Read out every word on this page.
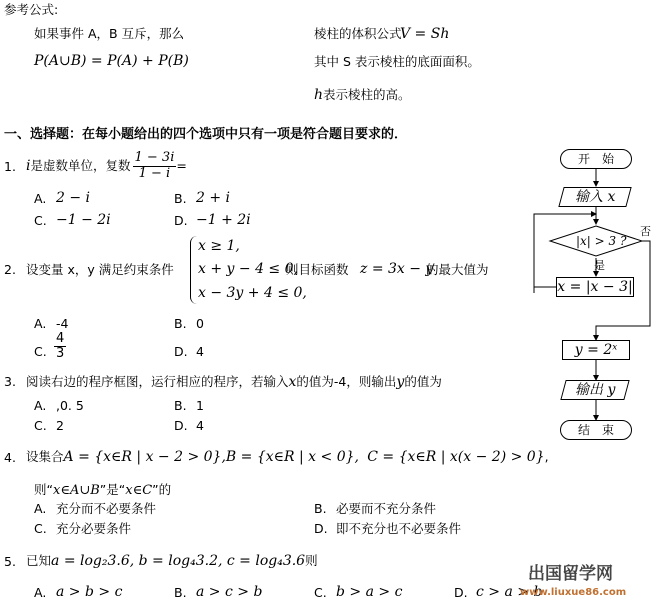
参考公式:
如果事件 A，B 互斥，那么
P(A∪B) = P(A) + P(B)
棱柱的体积公式
V = Sh
其中 S 表示棱柱的底面面积。
h表示棱柱的高。
一、选择题：在每小题给出的四个选项中只有一项是符合题目要求的．
1. i 是虚数单位，复数 $\frac{1 - 3i}{1 - i}$ =
A. 2 − i	B. 2 + i
C. −1 − 2i	D. −1 + 2i
2. 设变量 x，y 满足约束条件
x ≥ 1,
x + y − 4 ≤ 0,
x − 3y + 4 ≤ 0,
则目标函数 z = 3x − y
的最大值为
A. -4	B. 0
C. $\frac{4}{3}$	D. 4
3. 阅读右边的程序框图，运行相应的程序，若输入x的值为-4，则输出y的值为
A. ,0. 5	B. 1
C. 2	D. 4
4. 设集合A = {x∈R | x − 2 > 0},B = {x∈R | x < 0}, C = {x∈R | x(x − 2) > 0},
则“x∈A∪B”是“x∈C”的
A. 充分而不必要条件	B. 必要而不充分条件
C. 充分必要条件	D. 即不充分也不必要条件
5. 已知a = log₂3.6, b = log₄3.2, c = log₄3.6则
A. a > b > c	B. a > c > b	C. b > a > c	D. c > a > b
开　始
输入 x
|x| > 3 ?
否
是
x = |x − 3|
y = 2ˣ
输出 y
结　束
出国留学网
www.liuxue86.com
